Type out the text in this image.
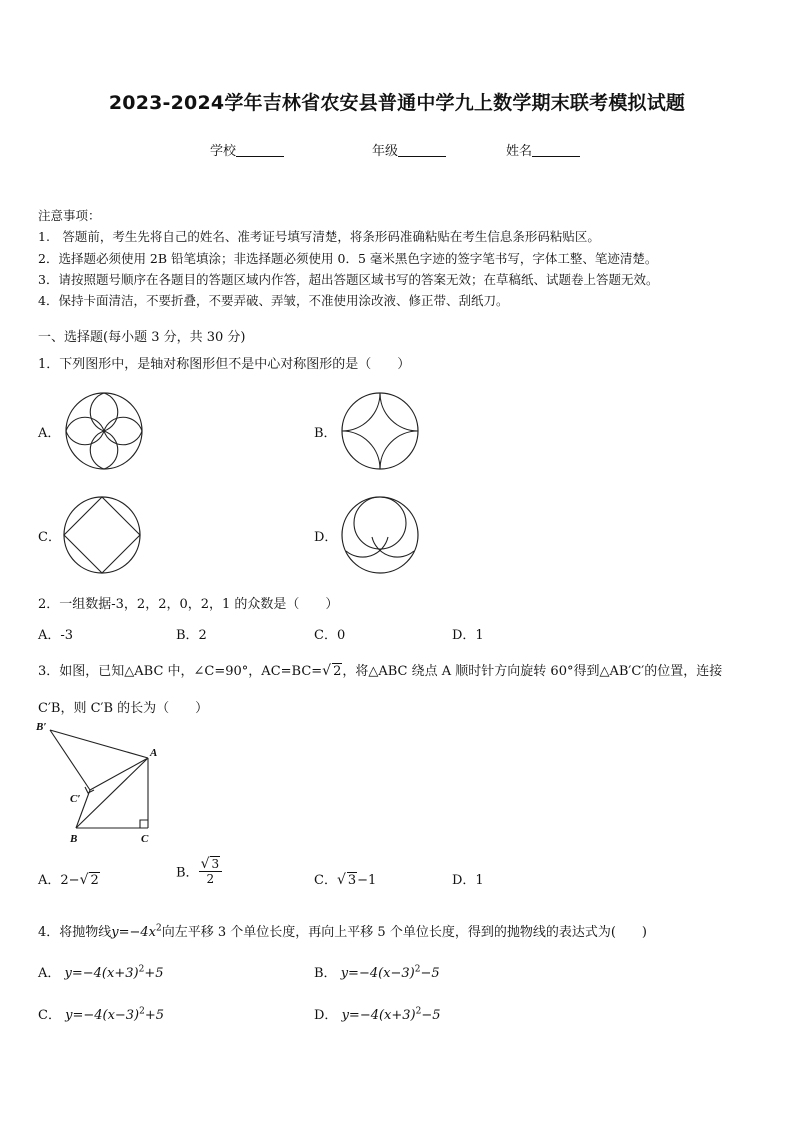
2023-2024学年吉林省农安县普通中学九上数学期末联考模拟试题
学校	年级	姓名
注意事项：
1.　答题前，考生先将自己的姓名、准考证号填写清楚，将条形码准确粘贴在考生信息条形码粘贴区。
2．选择题必须使用 2B 铅笔填涂；非选择题必须使用 0．5 毫米黑色字迹的签字笔书写，字体工整、笔迹清楚。
3．请按照题号顺序在各题目的答题区域内作答，超出答题区域书写的答案无效；在草稿纸、试题卷上答题无效。
4．保持卡面清洁，不要折叠，不要弄破、弄皱，不准使用涂改液、修正带、刮纸刀。
一、选择题(每小题 3 分，共 30 分)
1．下列图形中，是轴对称图形但不是中心对称图形的是（　　）
A．	B．
C．	D．
2．一组数据-3，2，2，0，2，1 的众数是（　　）
A．-3	B．2	C．0	D．1
3．如图，已知△ABC 中，∠C=90°，AC=BC=√ 2，将△ABC 绕点 A 顺时针方向旋转 60°得到△AB′C′的位置，连接
C′B，则 C′B 的长为（　　）
B′
A
C′
B	C
A．2−√ 2	B． $\frac{√ 3}{2}$	C．√ 3−1	D．1
4．将抛物线$y=-4x^2$向左平移 3 个单位长度，再向上平移 5 个单位长度，得到的抛物线的表达式为(　　)
A． $y=-4(x+3)^2+5$	B． $y=-4(x-3)^2-5$
C． $y=-4(x-3)^2+5$	D． $y=-4(x+3)^2-5$
